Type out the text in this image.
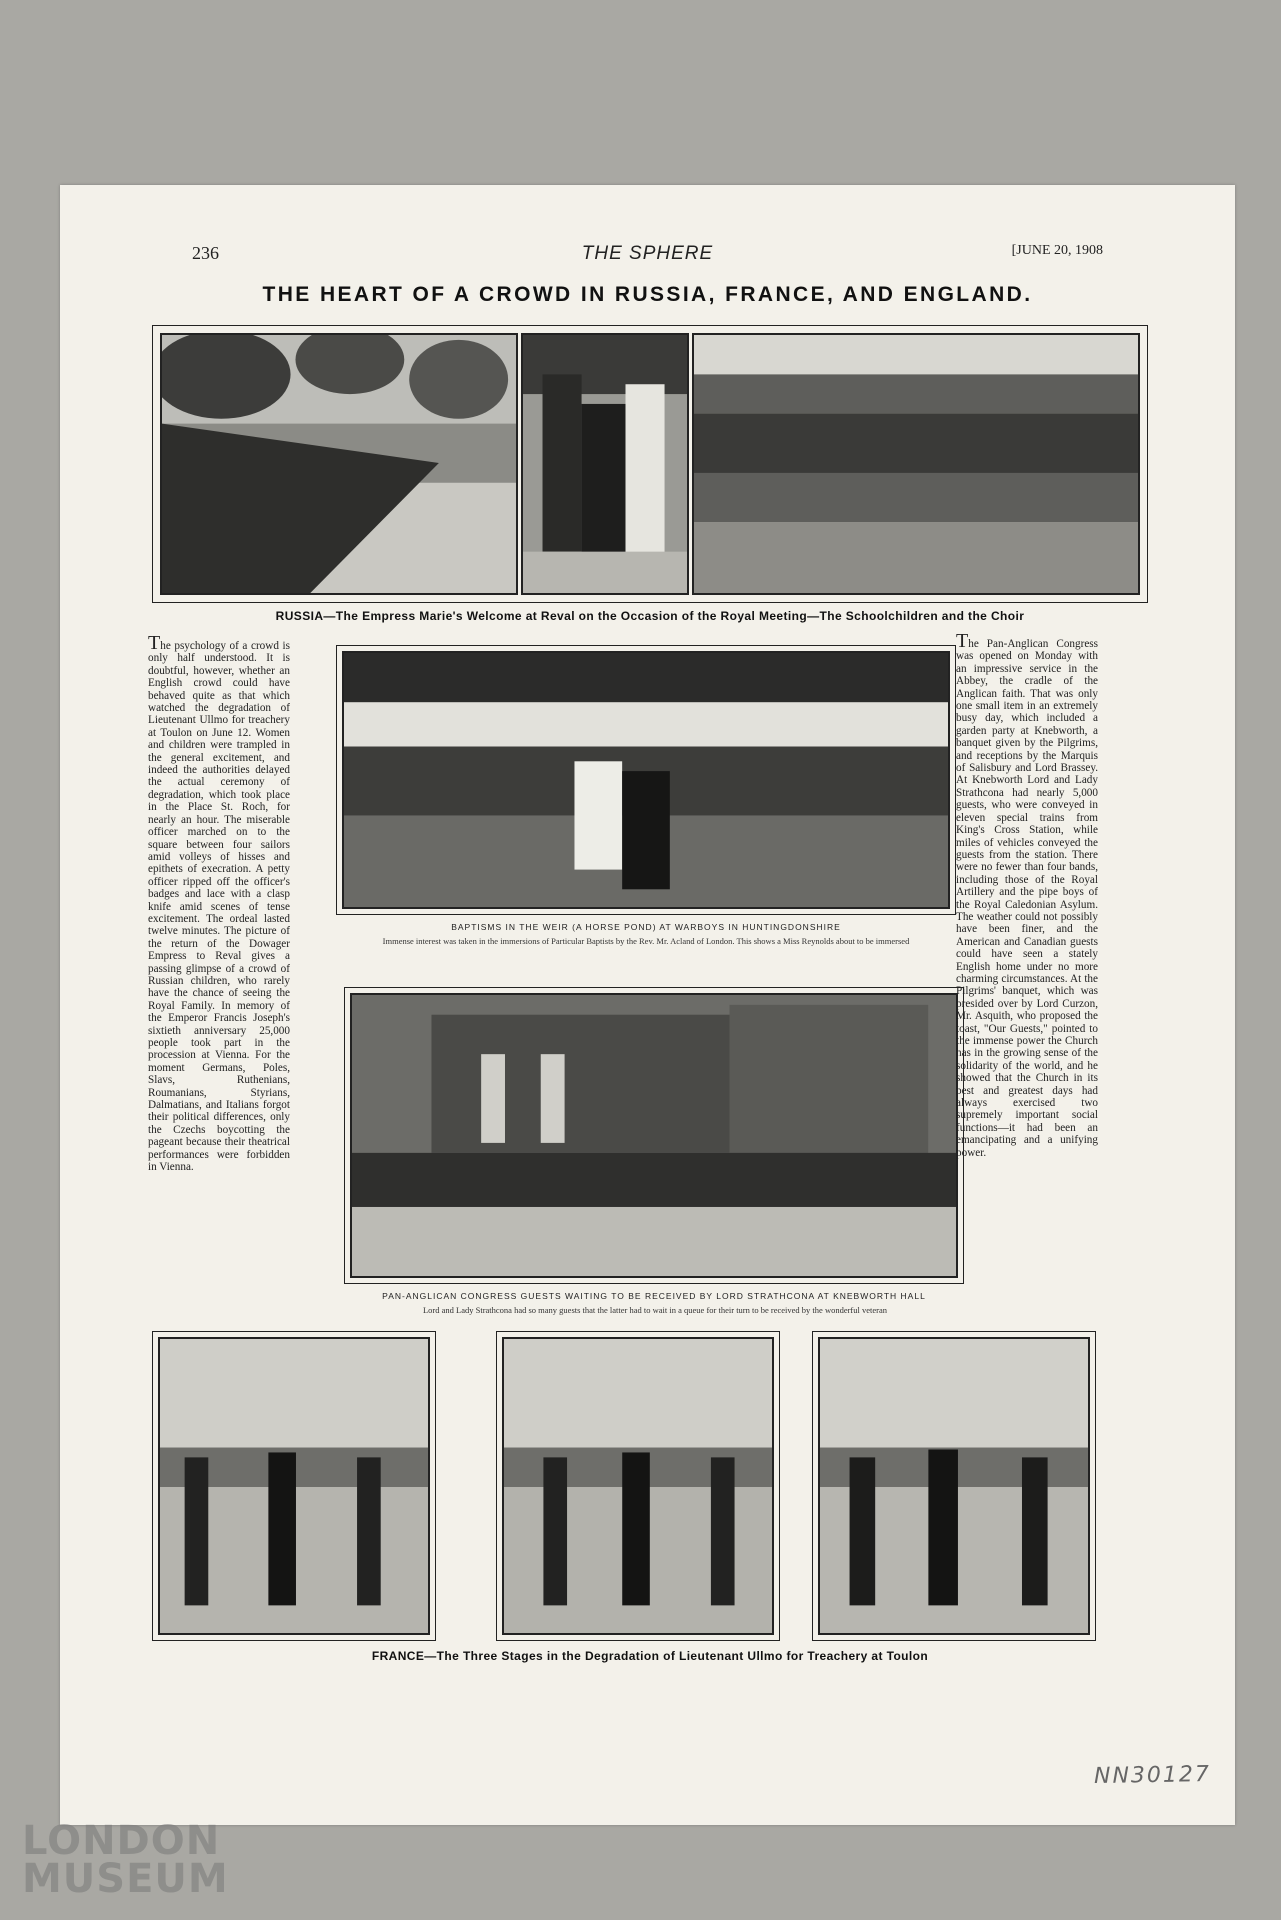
236	THE SPHERE	[JUNE 20, 1908
THE HEART OF A CROWD IN RUSSIA, FRANCE, AND ENGLAND.
RUSSIA—The Empress Marie's Welcome at Reval on the Occasion of the Royal Meeting—The Schoolchildren and the Choir
The psychology of a crowd is only half understood. It is doubtful, however, whether an English crowd could have behaved quite as that which watched the degradation of Lieutenant Ullmo for treachery at Toulon on June 12. Women and children were trampled in the general excitement, and indeed the authorities delayed the actual ceremony of degradation, which took place in the Place St. Roch, for nearly an hour. The miserable officer marched on to the square between four sailors amid volleys of hisses and epithets of execration. A petty officer ripped off the officer's badges and lace with a clasp knife amid scenes of tense excitement. The ordeal lasted twelve minutes. The picture of the return of the Dowager Empress to Reval gives a passing glimpse of a crowd of Russian children, who rarely have the chance of seeing the Royal Family. In memory of the Emperor Francis Joseph's sixtieth anniversary 25,000 people took part in the procession at Vienna. For the moment Germans, Poles, Slavs, Ruthenians, Roumanians, Styrians, Dalmatians, and Italians forgot their political differences, only the Czechs boycotting the pageant because their theatrical performances were forbidden in Vienna.
BAPTISMS IN THE WEIR (A HORSE POND) AT WARBOYS IN HUNTINGDONSHIRE
Immense interest was taken in the immersions of Particular Baptists by the Rev. Mr. Acland of London. This shows a Miss Reynolds about to be immersed
PAN-ANGLICAN CONGRESS GUESTS WAITING TO BE RECEIVED BY LORD STRATHCONA AT KNEBWORTH HALL
Lord and Lady Strathcona had so many guests that the latter had to wait in a queue for their turn to be received by the wonderful veteran
The Pan-Anglican Congress was opened on Monday with an impressive service in the Abbey, the cradle of the Anglican faith. That was only one small item in an extremely busy day, which included a garden party at Knebworth, a banquet given by the Pilgrims, and receptions by the Marquis of Salisbury and Lord Brassey. At Knebworth Lord and Lady Strathcona had nearly 5,000 guests, who were conveyed in eleven special trains from King's Cross Station, while miles of vehicles conveyed the guests from the station. There were no fewer than four bands, including those of the Royal Artillery and the pipe boys of the Royal Caledonian Asylum. The weather could not possibly have been finer, and the American and Canadian guests could have seen a stately English home under no more charming circumstances. At the Pilgrims' banquet, which was presided over by Lord Curzon, Mr. Asquith, who proposed the toast, "Our Guests," pointed to the immense power the Church has in the growing sense of the solidarity of the world, and he showed that the Church in its best and greatest days had always exercised two supremely important social functions—it had been an emancipating and a unifying power.
FRANCE—The Three Stages in the Degradation of Lieutenant Ullmo for Treachery at Toulon
NN30127
LONDON
MUSEUM
